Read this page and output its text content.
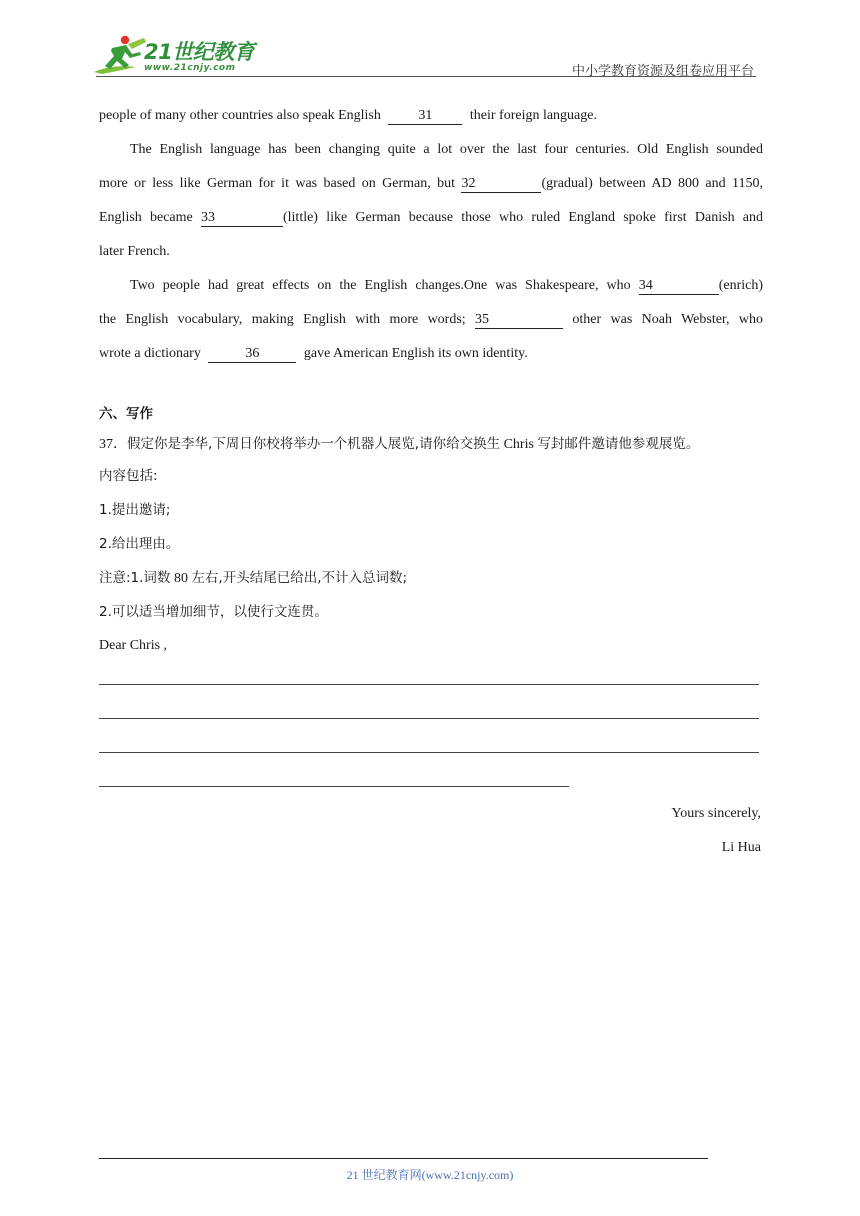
21世纪教育
www.21cnjy.com	中小学教育资源及组卷应用平台
people of many other countries also speak English	31	their foreign language.
The English language has been changing quite a lot over the last four centuries. Old English sounded
more or less like German for it was based on German, but 32	(gradual) between AD 800 and 1150,
English became 33	(little) like German because those who ruled England spoke first Danish and
later French.
Two people had great effects on the English changes.One was Shakespeare, who 34	(enrich)
the English vocabulary, making English with more words; 35	other was Noah Webster, who
wrote a dictionary	36	gave American English its own identity.
六、写作
37．假定你是李华,下周日你校将举办一个机器人展览,请你给交换生 Chris 写封邮件邀请他参观展览。
内容包括:
1.提出邀请;
2.给出理由。
注意:1.词数 80 左右,开头结尾已给出,不计入总词数;
2.可以适当增加细节，以使行文连贯。
Dear Chris ,
Yours sincerely,
Li Hua
21 世纪教育网(www.21cnjy.com)
